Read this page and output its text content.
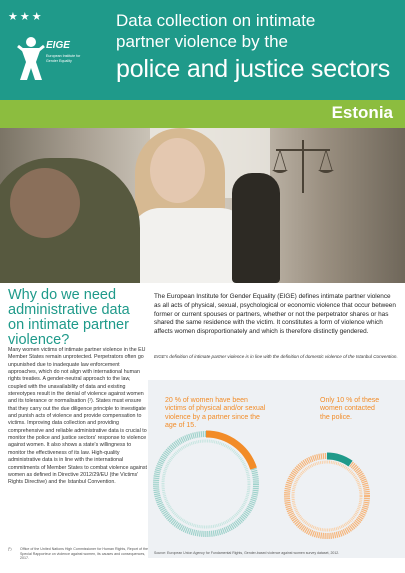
★★★
EIGE
European Institute for Gender Equality
Data collection on intimate
partner violence by the
police and justice sectors
Estonia
Why do we need administrative data on intimate partner violence?
Many women victims of intimate partner violence in the EU Member States remain unprotected. Perpetrators often go unpunished due to inadequate law enforcement approaches, which do not align with international human rights treaties. A gender-neutral approach to the law, coupled with the unavailability of data and existing stereotypes result in the denial of violence against women and its tolerance or normalisation (¹). States must ensure that they carry out the due diligence principle to investigate and punish acts of violence and provide compensation to victims. Improving data collection and providing comprehensive and reliable administrative data is crucial to monitor the police and justice sectors' response to violence against women. It also shows a state's willingness to monitor the effectiveness of its law. High-quality administrative data is in line with the international commitments of Member States to combat violence against women as defined in Directive 2012/29/EU (the Victims' Rights Directive) and the Istanbul Convention.
(¹) Office of the United Nations High Commissioner for Human Rights, Report of the Special Rapporteur on violence against women, its causes and consequences, 2017.
The European Institute for Gender Equality (EIGE) defines intimate partner violence as all acts of physical, sexual, psychological or economic violence that occur between former or current spouses or partners, whether or not the perpetrator shares or has shared the same residence with the victim. It constitutes a form of violence which affects women disproportionately and which is therefore distinctly gendered.
EIGE's definition of intimate partner violence is in line with the definition of domestic violence of the Istanbul Convention.
20 % of women have been victims of physical and/or sexual violence by a partner since the age of 15.
Only 10 % of these women contacted the police.
Source: European Union Agency for Fundamental Rights, Gender-based violence against women survey dataset, 2012.
